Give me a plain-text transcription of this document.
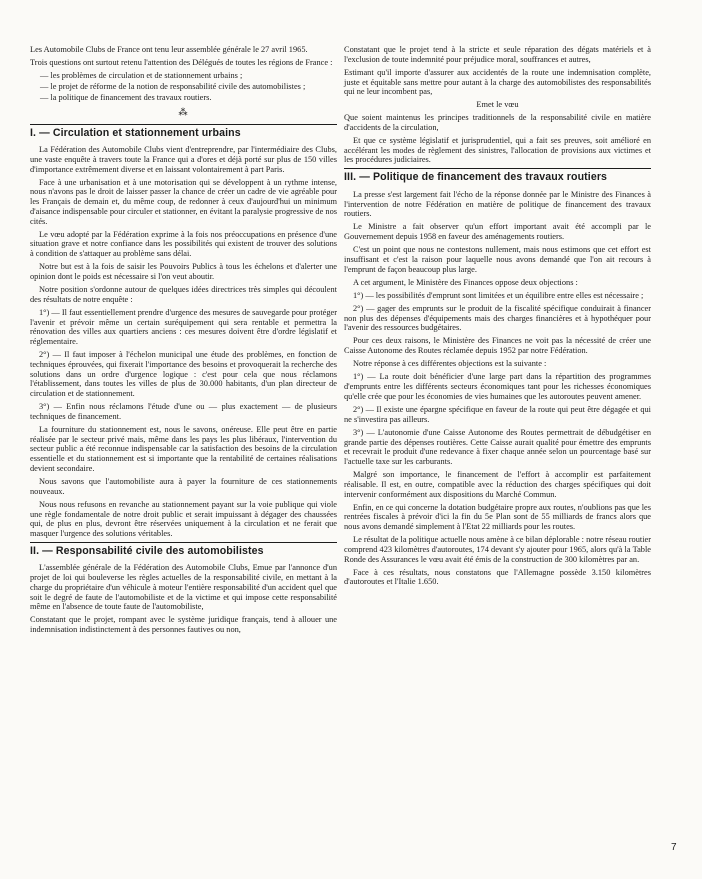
Les Automobile Clubs de France ont tenu leur assemblée générale le 27 avril 1965.

Trois questions ont surtout retenu l'attention des Délégués de toutes les régions de France :

— les problèmes de circulation et de stationnement urbains ;

— le projet de réforme de la notion de responsabilité civile des automobilistes ;

— la politique de financement des travaux routiers.

⁂
I. — Circulation et stationnement urbains

La Fédération des Automobile Clubs vient d'entreprendre, par l'intermédiaire des Clubs, une vaste enquête à travers toute la France qui a d'ores et déjà porté sur plus de 150 villes d'importance extrêmement diverse et en laissant volontairement à part Paris.

Face à une urbanisation et à une motorisation qui se développent à un rythme intense, nous n'avons pas le droit de laisser passer la chance de créer un cadre de vie agréable pour les Français de demain et, du même coup, de redonner à ceux d'aujourd'hui un minimum d'aisance indispensable pour circuler et stationner, en évitant la paralysie progressive de nos cités.

Le vœu adopté par la Fédération exprime à la fois nos préoccupations en présence d'une situation grave et notre confiance dans les possibilités qui existent de trouver des solutions à condition de s'attaquer au problème sans délai.

Notre but est à la fois de saisir les Pouvoirs Publics à tous les échelons et d'alerter une opinion dont le poids est nécessaire si l'on veut aboutir.

Notre position s'ordonne autour de quelques idées directrices très simples qui découlent des résultats de notre enquête :

1°) — Il faut essentiellement prendre d'urgence des mesures de sauvegarde pour protéger l'avenir et prévoir même un certain suréquipement qui sera rentable et permettra la rénovation des villes aux quartiers anciens : ces mesures doivent être d'ordre législatif et réglementaire.

2°) — Il faut imposer à l'échelon municipal une étude des problèmes, en fonction de techniques éprouvées, qui fixerait l'importance des besoins et provoquerait la recherche des solutions dans un ordre d'urgence logique : c'est pour cela que nous réclamons l'établissement, dans toutes les villes de plus de 30.000 habitants, d'un plan directeur de circulation et de stationnement.

3°) — Enfin nous réclamons l'étude d'une ou — plus exactement — de plusieurs techniques de financement.

La fourniture du stationnement est, nous le savons, onéreuse. Elle peut être en partie réalisée par le secteur privé mais, même dans les pays les plus libéraux, l'intervention du secteur public a été reconnue indispensable car la satisfaction des besoins de la circulation essentielle et du stationnement est si importante que la rentabilité de certaines réalisations devient secondaire.

Nous savons que l'automobiliste aura à payer la fourniture de ces stationnements nouveaux.

Nous nous refusons en revanche au stationnement payant sur la voie publique qui viole une règle fondamentale de notre droit public et serait impuissant à dégager des chaussées qui, de plus en plus, devront être réservées uniquement à la circulation et ne ferait que masquer l'urgence des solutions véritables.

II. — Responsabilité civile des automobilistes

L'assemblée générale de la Fédération des Automobile Clubs, Emue par l'annonce d'un projet de loi qui bouleverse les règles actuelles de la responsabilité civile, en mettant à la charge du propriétaire d'un véhicule à moteur l'entière responsabilité d'un accident quel que soit le degré de faute de l'automobiliste et de la victime et qui impose cette responsabilité même en l'absence de toute faute de l'automobiliste,

Constatant que le projet, rompant avec le système juridique français, tend à allouer une indemnisation indistinctement à des personnes fautives ou non,

Constatant que le projet tend à la stricte et seule réparation des dégats matériels et à l'exclusion de toute indemnité pour préjudice moral, souffrances et autres,

Estimant qu'il importe d'assurer aux accidentés de la route une indemnisation complète, juste et équitable sans mettre pour autant à la charge des automobilistes des responsabilités qui ne leur incombent pas,

Emet le vœu

Que soient maintenus les principes traditionnels de la responsabilité civile en matière d'accidents de la circulation,

Et que ce système législatif et jurisprudentiel, qui a fait ses preuves, soit amélioré en accélérant les modes de règlement des sinistres, l'allocation de provisions aux victimes et les procédures judiciaires.

III. — Politique de financement des travaux routiers

La presse s'est largement fait l'écho de la réponse donnée par le Ministre des Finances à l'intervention de notre Fédération en matière de politique de financement des travaux routiers.

Le Ministre a fait observer qu'un effort important avait été accompli par le Gouvernement depuis 1958 en faveur des aménagements routiers.

C'est un point que nous ne contestons nullement, mais nous estimons que cet effort est insuffisant et c'est la raison pour laquelle nous avons demandé que l'on ait recours à l'emprunt de façon beaucoup plus large.

A cet argument, le Ministère des Finances oppose deux objections :

1°) — les possibilités d'emprunt sont limitées et un équilibre entre elles est nécessaire ;

2°) — gager des emprunts sur le produit de la fiscalité spécifique conduirait à financer non plus des dépenses d'équipements mais des charges financières et à hypothéquer pour l'avenir des ressources budgétaires.

Pour ces deux raisons, le Ministère des Finances ne voit pas la nécessité de créer une Caisse Autonome des Routes réclamée depuis 1952 par notre Fédération.

Notre réponse à ces différentes objections est la suivante :

1°) — La route doit bénéficier d'une large part dans la répartition des programmes d'emprunts entre les différents secteurs économiques tant pour les richesses économiques qu'elle crée que pour les économies de vies humaines que les autoroutes peuvent amener.

2°) — Il existe une épargne spécifique en faveur de la route qui peut être dégagée et qui ne s'investira pas ailleurs.

3°) — L'autonomie d'une Caisse Autonome des Routes permettrait de débudgétiser en grande partie des dépenses routières. Cette Caisse aurait qualité pour émettre des emprunts et recevrait le produit d'une redevance à fixer chaque année selon un pourcentage basé sur l'actuelle taxe sur les carburants.

Malgré son importance, le financement de l'effort à accomplir est parfaitement réalisable. Il est, en outre, compatible avec la réduction des charges spécifiques qui doit intervenir conformément aux dispositions du Marché Commun.

Enfin, en ce qui concerne la dotation budgétaire propre aux routes, n'oublions pas que les rentrées fiscales à prévoir d'ici la fin du 5e Plan sont de 55 milliards de francs alors que nous avons demandé simplement à l'Etat 22 milliards pour les routes.

Le résultat de la politique actuelle nous amène à ce bilan déplorable : notre réseau routier comprend 423 kilomètres d'autoroutes, 174 devant s'y ajouter pour 1965, alors qu'à la Table Ronde des Assurances le vœu avait été émis de la construction de 300 kilomètres par an.

Face à ces résultats, nous constatons que l'Allemagne possède 3.150 kilomètres d'autoroutes et l'Italie 1.650.

7
